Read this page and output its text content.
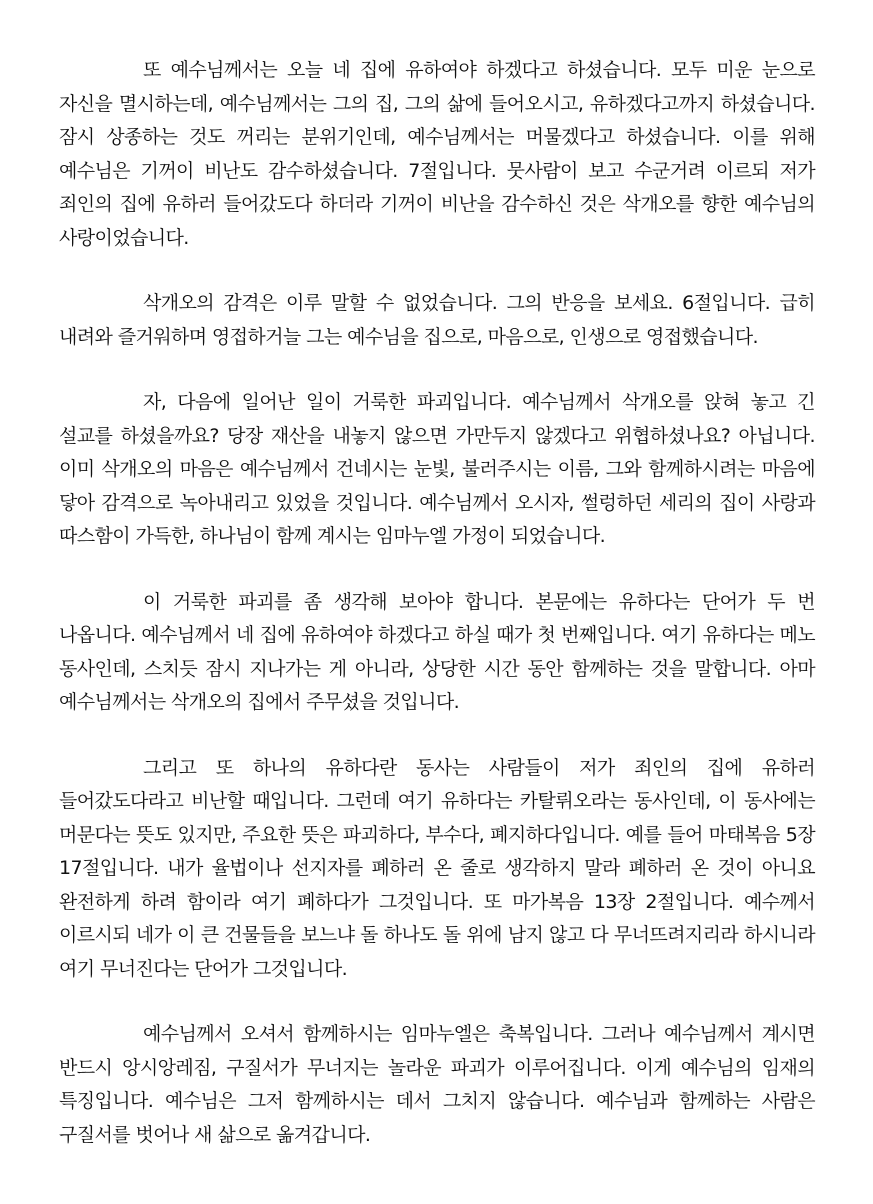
또 예수님께서는 오늘 네 집에 유하여야 하겠다고 하셨습니다. 모두 미운 눈으로 자신을 멸시하는데, 예수님께서는 그의 집, 그의 삶에 들어오시고, 유하겠다고까지 하셨습니다. 잠시 상종하는 것도 꺼리는 분위기인데, 예수님께서는 머물겠다고 하셨습니다. 이를 위해 예수님은 기꺼이 비난도 감수하셨습니다. 7절입니다. 뭇사람이 보고 수군거려 이르되 저가 죄인의 집에 유하러 들어갔도다 하더라 기꺼이 비난을 감수하신 것은 삭개오를 향한 예수님의 사랑이었습니다.

삭개오의 감격은 이루 말할 수 없었습니다. 그의 반응을 보세요. 6절입니다. 급히 내려와 즐거워하며 영접하거늘 그는 예수님을 집으로, 마음으로, 인생으로 영접했습니다.

자, 다음에 일어난 일이 거룩한 파괴입니다. 예수님께서 삭개오를 앉혀 놓고 긴 설교를 하셨을까요? 당장 재산을 내놓지 않으면 가만두지 않겠다고 위협하셨나요? 아닙니다. 이미 삭개오의 마음은 예수님께서 건네시는 눈빛, 불러주시는 이름, 그와 함께하시려는 마음에 닿아 감격으로 녹아내리고 있었을 것입니다. 예수님께서 오시자, 썰렁하던 세리의 집이 사랑과 따스함이 가득한, 하나님이 함께 계시는 임마누엘 가정이 되었습니다.

이 거룩한 파괴를 좀 생각해 보아야 합니다. 본문에는 유하다는 단어가 두 번 나옵니다. 예수님께서 네 집에 유하여야 하겠다고 하실 때가 첫 번째입니다. 여기 유하다는 메노 동사인데, 스치듯 잠시 지나가는 게 아니라, 상당한 시간 동안 함께하는 것을 말합니다. 아마 예수님께서는 삭개오의 집에서 주무셨을 것입니다.

그리고 또 하나의 유하다란 동사는 사람들이 저가 죄인의 집에 유하러 들어갔도다라고 비난할 때입니다. 그런데 여기 유하다는 카탈뤼오라는 동사인데, 이 동사에는 머문다는 뜻도 있지만, 주요한 뜻은 파괴하다, 부수다, 폐지하다입니다. 예를 들어 마태복음 5장 17절입니다. 내가 율법이나 선지자를 폐하러 온 줄로 생각하지 말라 폐하러 온 것이 아니요 완전하게 하려 함이라 여기 폐하다가 그것입니다. 또 마가복음 13장 2절입니다. 예수께서 이르시되 네가 이 큰 건물들을 보느냐 돌 하나도 돌 위에 남지 않고 다 무너뜨려지리라 하시니라 여기 무너진다는 단어가 그것입니다.

예수님께서 오셔서 함께하시는 임마누엘은 축복입니다. 그러나 예수님께서 계시면 반드시 앙시앙레짐, 구질서가 무너지는 놀라운 파괴가 이루어집니다. 이게 예수님의 임재의 특징입니다. 예수님은 그저 함께하시는 데서 그치지 않습니다. 예수님과 함께하는 사람은 구질서를 벗어나 새 삶으로 옮겨갑니다.
